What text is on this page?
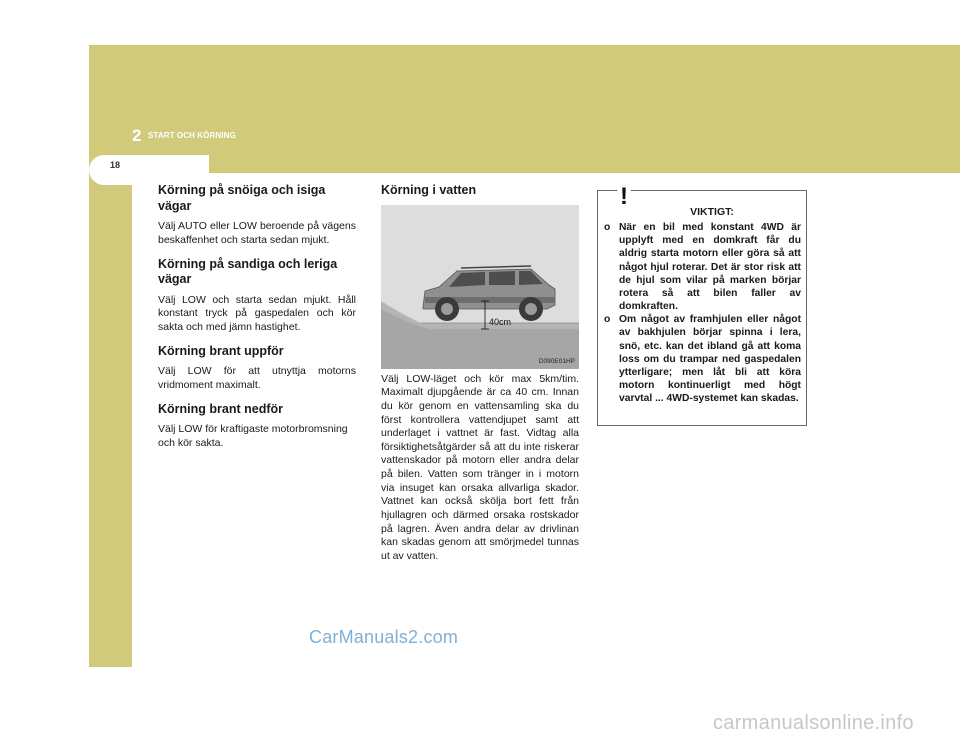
2 START OCH KÖRNING
18
Körning på snöiga och isiga vägar

Välj AUTO eller LOW beroende på vägens beskaffenhet och starta sedan mjukt.

Körning på sandiga och leriga vägar

Välj LOW och starta sedan mjukt. Håll konstant tryck på gaspedalen och kör sakta och med jämn hastighet.

Körning brant uppför

Välj LOW för att utnyttja motorns vridmoment maximalt.

Körning brant nedför

Välj LOW för kraftigaste motorbromsning och kör sakta.

Körning i vatten
40cm
D090E01HP

Välj LOW-läget och kör max 5km/tim. Maximalt djupgående är ca 40 cm. Innan du kör genom en vattensamling ska du först kontrollera vattendjupet samt att underlaget i vattnet är fast. Vidtag alla försiktighetsåtgärder så att du inte riskerar vattenskador på motorn eller andra delar på bilen. Vatten som tränger in i motorn via insuget kan orsaka allvarliga skador. Vattnet kan också skölja bort fett från hjullagren och därmed orsaka rostskador på lagren. Även andra delar av drivlinan kan skadas genom att smörjmedel tunnas ut av vatten.

!
VIKTIGT:
o När en bil med konstant 4WD är upplyft med en domkraft får du aldrig starta motorn eller göra så att något hjul roterar. Det är stor risk att de hjul som vilar på marken börjar rotera så att bilen faller av domkraften.
o Om något av framhjulen eller något av bakhjulen börjar spinna i lera, snö, etc. kan det ibland gå att koma loss om du trampar ned gaspedalen ytterligare; men låt bli att köra motorn kontinuerligt med högt varvtal ... 4WD-systemet kan skadas.
CarManuals2.com
carmanualsonline.info
